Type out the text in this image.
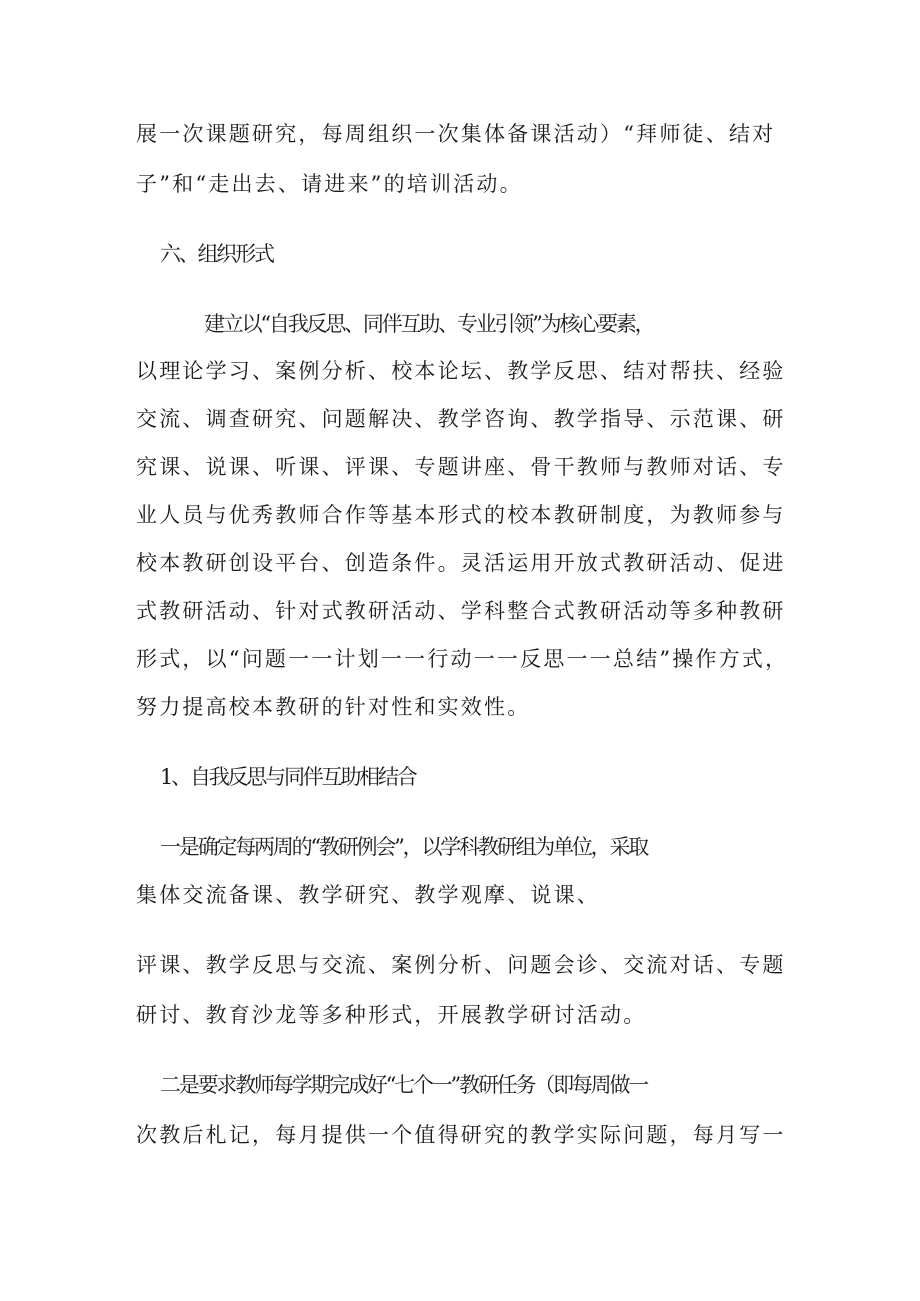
展一次课题研究，每周组织一次集体备课活动）“拜师徒、结对

子”和“走出去、请进来”的培训活动。

六、组织形式

建立以“自我反思、同伴互助、专业引领”为核心要素，

以理论学习、案例分析、校本论坛、教学反思、结对帮扶、经验

交流、调查研究、问题解决、教学咨询、教学指导、示范课、研

究课、说课、听课、评课、专题讲座、骨干教师与教师对话、专

业人员与优秀教师合作等基本形式的校本教研制度，为教师参与

校本教研创设平台、创造条件。灵活运用开放式教研活动、促进

式教研活动、针对式教研活动、学科整合式教研活动等多种教研

形式，以“问题一一计划一一行动一一反思一一总结”操作方式，

努力提高校本教研的针对性和实效性。

1、自我反思与同伴互助相结合

一是确定每两周的“教研例会”，以学科教研组为单位，采取

集体交流备课、教学研究、教学观摩、说课、

评课、教学反思与交流、案例分析、问题会诊、交流对话、专题

研讨、教育沙龙等多种形式，开展教学研讨活动。

二是要求教师每学期完成好“七个一”教研任务（即每周做一

次教后札记，每月提供一个值得研究的教学实际问题，每月写一
